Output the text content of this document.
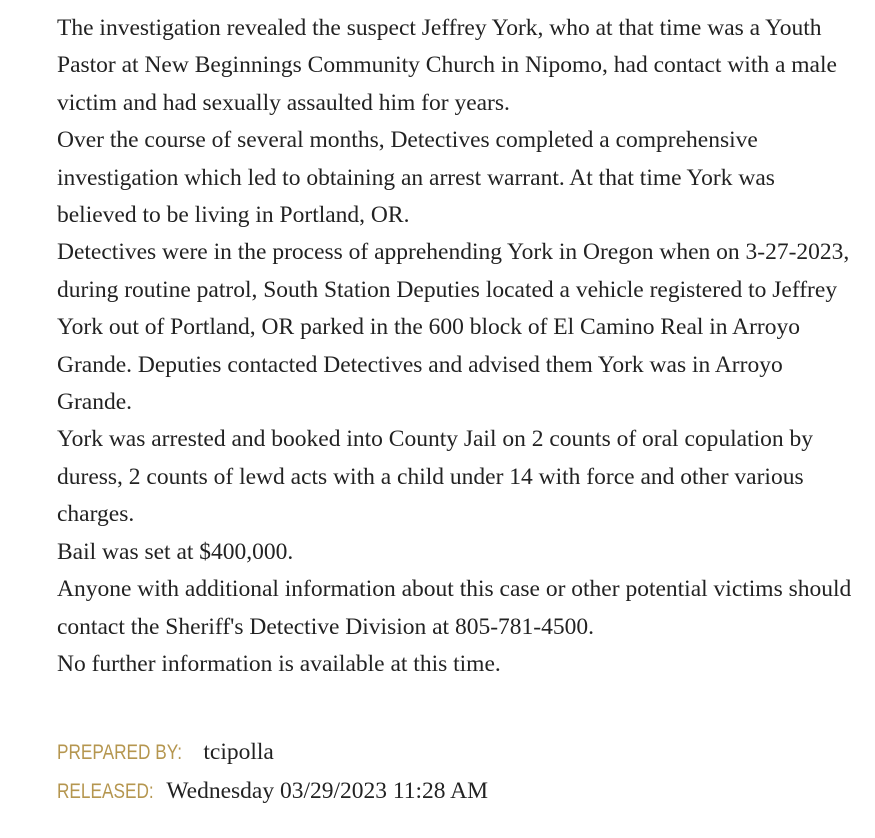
The investigation revealed the suspect Jeffrey York, who at that time was a Youth Pastor at New Beginnings Community Church in Nipomo, had contact with a male victim and had sexually assaulted him for years.

Over the course of several months, Detectives completed a comprehensive investigation which led to obtaining an arrest warrant. At that time York was believed to be living in Portland, OR.

Detectives were in the process of apprehending York in Oregon when on 3-27-2023, during routine patrol, South Station Deputies located a vehicle registered to Jeffrey York out of Portland, OR parked in the 600 block of El Camino Real in Arroyo Grande. Deputies contacted Detectives and advised them York was in Arroyo Grande.

York was arrested and booked into County Jail on 2 counts of oral copulation by duress, 2 counts of lewd acts with a child under 14 with force and other various charges.

Bail was set at $400,000.

Anyone with additional information about this case or other potential victims should contact the Sheriff's Detective Division at 805-781-4500.

No further information is available at this time.

PREPARED BY: tcipolla
RELEASED: Wednesday 03/29/2023 11:28 AM
